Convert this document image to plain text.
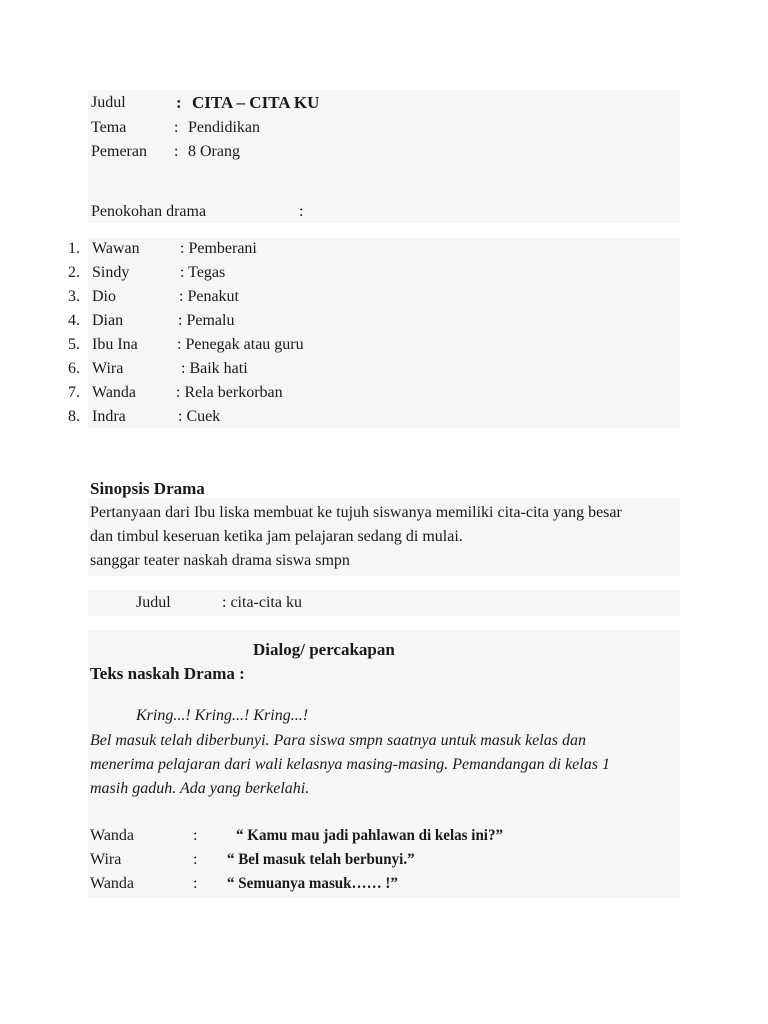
Judul	: CITA – CITA KU
Tema	: Pendidikan
Pemeran : 8 Orang
Penokohan drama	:
1. Wawan	: Pemberani
2. Sindy	: Tegas
3. Dio	: Penakut
4. Dian	: Pemalu
5. Ibu Ina : Penegak atau guru
6. Wira	: Baik hati
7. Wanda : Rela berkorban
8. Indra	: Cuek
Sinopsis Drama
Pertanyaan dari Ibu liska membuat ke tujuh siswanya memiliki cita-cita yang besar
dan timbul keseruan ketika jam pelajaran sedang di mulai.
sanggar teater naskah drama siswa smpn
Judul	: cita-cita ku
Dialog/ percakapan
Teks naskah Drama :
Kring...! Kring...! Kring...!
Bel masuk telah diberbunyi. Para siswa smpn saatnya untuk masuk kelas dan
menerima pelajaran dari wali kelasnya masing-masing. Pemandangan di kelas 1
masih gaduh. Ada yang berkelahi.
Wanda	: “ Kamu mau jadi pahlawan di kelas ini?”
Wira	: “ Bel masuk telah berbunyi.”
Wanda	: “ Semuanya masuk…… !”
